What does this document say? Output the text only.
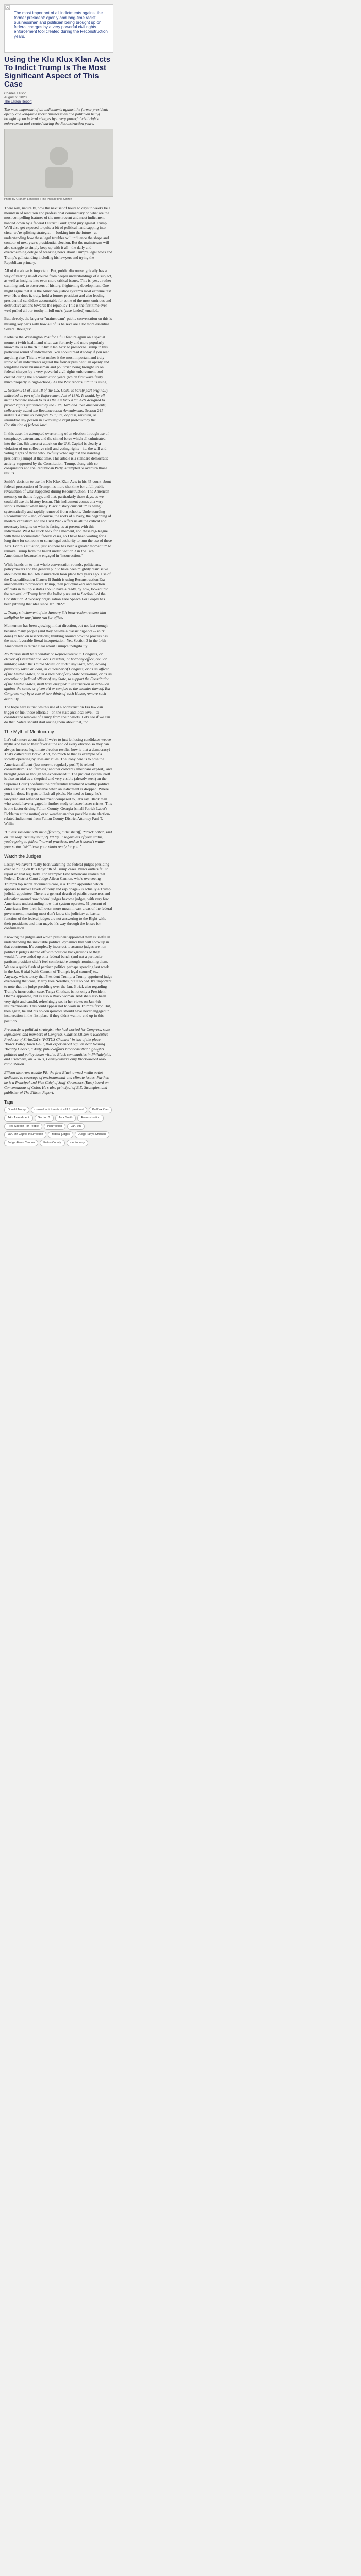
The most important of all indictments against the former president: openly and long-time racist businessman and politician being brought up on federal charges by a very powerful civil rights enforcement tool created during the Reconstruction years.
Using the Klu Klux Klan Acts To Indict Trump Is The Most Significant Aspect of This Case
Charles Ellison
August 2, 2023
The Ellison Report

The most important of all indictments against the former president: openly and long-time racist businessman and politician being brought up on federal charges by a very powerful civil rights enforcement tool created during the Reconstruction years.

Photo by Graham Landauer | The Philadelphia Citizen

There will, naturally, now the next set of hours to days to weeks be a mountain of rendition and professional commentary on what are the most compelling features of the most recent and most indictment handed down by a federal District Court grand jury against Trump. We'll also get exposed to quite a bit of political handicapping into circa. we're splitting strategist — looking into the future - at understanding how these legal troubles will influence the shape and contour of next year's presidential election. But the mainstream will also struggle to simply keep up with it all - the daily and overwhelming deluge of breaking news about Trump's legal woes and Trump's gall standing including his lawyers and trying the Republican primary.

All of the above is important. But, public discourse typically has a way of veering us off course from deeper understandings of a subject, as well as insights into even more critical issues. This is, yes, a rather stunning and, to observers of history, frightening development. One might argue that it is the American justice system's most extreme test ever. How does it, truly, hold a former president and also leading presidential candidate accountable for some of the most ominous and destructive actions towards the republic? This is the first time ever we'd pulled all our toothy in full one's (case landed) emailed.

But, already, the larger or "mainstream" public conversation on this is missing key parts with how all of us believe are a lot more essential. Several thoughts:

Korbe to the Washington Post for a full feature again on a special moment (with health and what was formerly and more popularly known to us as the 'Klu Klux Klan Acts' to prosecute Trump in this particular round of indictments. You should read it today if you read anything else. This is what makes it the most important and truly ironic of all indictments against the former president: an openly and long-time racist businessman and politician being brought up on federal charges by a very powerful civil rights enforcement tool created during the Reconstruction years (which first wave fairly much properly in high-school). As the Post reports, Smith is using...

... Section 241 of Title 18 of the U.S. Code, is barely part originally indicated as part of the Enforcement Act of 1870. It would, by all means become known to us as the Ku Klux Klan Acts designed to protect rights guaranteed by the 13th, 14th and 15th amendments, collectively called the Reconstruction Amendments. Section 241 makes it a crime to 'conspire to injure, oppress, threaten, or intimidate any person in exercising a right protected by the Constitution of federal law.'

In this case, the attempted overturning of an election through use of conspiracy, extremism, and the sinned force which all culminated into the Jan. 6th terrorist attack on the U.S. Capitol is clearly a violation of our collective civil and voting rights - i.e. the will and voting rights of those who lawfully voted against the standing president (Trump) at that time. This article is a standard democratic activity supported by the Constitution. Trump, along with co-conspirators and the Republican Party, attempted to overturn those results.

Smith's decision to use the Klu Klux Klan Acts in his 45-count-about federal prosecution of Trump, it's more that time for a full public revaluation of what happened during Reconstruction. The American memory on that is foggy, and that, particularly these days, as we could all use the history lesson. This indictment comes at a very serious moment when many Black history curriculum is being systematically and rapidly removed from schools. Understanding Reconstruction - and, of course, the roots of slavery, the beginning of modern capitalism and the Civil War - offers us all the critical and necessary insights on what is facing us at present with this indictment. We'd be stuck back for a moment, and these big-league with these accumulated federal cases, so I have been waiting for a long time for someone or some legal authority to turn the use of these Acts. For this situation, just so there has been a greater momentum to remove Trump from the ballot under Section 3 in the 14th Amendment because he engaged in "insurrection."

While hands on to that whole conversation rounds, politicians, policymakers and the general public have been mightily dismissive about even the Jan. 6th insurrection took place two years ago. Use of the Disqualification Clause: If Smith is using Reconstruction Era amendments to prosecute Trump, then policymakers and election officials in multiple states should have already, by now, looked into the removal of Trump from the ballot pursuant to Section 3 of the Constitution. Advocacy organization Free Speech For People has been pitching that idea since Jan. 2022:

... Trump's incitement of the January 6th insurrection renders him ineligible for any future run for office.

Momentum has been growing in that direction, but not fast enough because many people (and they believe a classic big-shot -- shirk done) to lead on reservations) thinking around how the process has the most favorable literal interpretation. Yet, Section 3 in the 14th Amendment is rather clear about Trump's ineligibility:

No Person shall be a Senator or Representative in Congress, or elector of President and Vice President, or hold any office, civil or military, under the United States, or under any State, who, having previously taken an oath, as a member of Congress, or as an officer of the United States, or as a member of any State legislature, or as an executive or judicial officer of any State, to support the Constitution of the United States, shall have engaged in insurrection or rebellion against the same, or given aid or comfort to the enemies thereof. But Congress may by a vote of two-thirds of each House, remove such disability.

The hope here is that Smith's use of Reconstruction Era law can trigger or fuel those officials - on the state and local level - to consider the removal of Trump from their ballots. Let's see if we can do that. Voters should start asking them about that, too.

The Myth of Meritocracy

Let's talk more about this: If we're to just let losing candidates weave myths and lies to their favor at the end of every election so they can always increase legitimate election results, how is that a democracy? That's called pure bravo. And, too much to that as example of a society operating by laws and rules. The irony here is to note the American affluent (less more to regularly push?) it related conservatism is so 'fairness,' another concept (americans exploit), and brought goals as though we experienced it. The judicial system itself is also on trial as a skeptical and very visible (already seen) on the Supreme Court) confirms the preferential treatment wealthy political elites such as Trump receive when an indictment is dropped. Where you jail does. He gets to flash all pixels. No need to fancy; he's lawyered and softened treatment compared to, let's say, Black man who would have engaged in further study or lesser lesser crimes. This is one factor driving Fulton County, Georgia (small Patrick Labat's Fickleton at the matter) or to weather another possible state election-related indictment from Fulton County District Attorney Fani T. Willis:

"Unless someone tells me differently, " the sheriff, Patrick Labat, said on Tuesday. "It's my spun[?] I'll try..." regardless of your status, you're going to follow "normal practices, and so it doesn't matter your status. We'll have your photo ready for you."

Watch the Judges

Lastly: we haven't really been watching the federal judges presiding over or ruling on this labyrinth of Trump cases. News outlets fail to report on that regularly. For example: Few Americans realize that Federal District Court Judge Aileen Cannon, who's overseeing Trump's top secret documents case, is a Trump appointee which appears to invoke levels of irony and espionage - is actually a Trump judicial appointee. There is a general dearth of public awareness and education around how federal judges become judges, with very few Americans understanding how that system operates. 51 percent of Americans flew their hell over, more mean in vast areas of the federal government, meaning most don't know the judiciary at least a function of the federal judges are not answering to the Right with, their presidents and then maybe it's way through the lenses for confirmation.

Knowing the judges and which president appointed them is useful in understanding the inevitable political dynamics that will show up in that courtroom. It's completely incorrect to assume judges are non-political: judges started off with political backgrounds or they wouldn't have ended up on a federal bench (and not a particular partisan president didn't feel comfortable enough nominating them. We see a quick flash of partisan politics perhaps spending last week in the Jan. 6 trial (with Cannon of Trump's legal counsel) to... Anyway, who's to say that President Trump, a Trump-appointed judge overseeing that case, Mercy Dee Norelles, put it to bed. It's important to note that the judge presiding over the Jan. 6 trial, also regarding Trump's insurrection case, Tanya Chutkan, is not only a President Obama appointee, but is also a Black woman. And she's also been very tight and candid, refreshingly so, in her views on Jan. 6th insurrectionists. This could appear not to work in Trump's favor. But, then again, he and his co-conspirators should have never engaged in insurrection in the first place if they didn't want to end up in this position.

Previously, a political strategist who had worked for Congress, state legislators, and members of Congress, Charles Ellison is Executive Producer of SiriusXM's "POTUS Channel" in two of the place, "Black Policy Town Hall", that experienced regular beat Hosting "Reality Check", a daily, public-affairs broadcast that highlights political and policy issues vital to Black communities in Philadelphia and elsewhere, on WURD, Pennsylvania's only Black-owned talk-radio station.

Ellison also runs middle PR, the first Black-owned media outlet dedicated to coverage of environmental and climate issues. Further, he is a Principal and Vice Chief of Staff-Governors (East) board on Conversations of Color. He's also principal of B.E. Strategies, and publisher of The Ellison Report.

Tags
Donald Trump	criminal indictments of a U.S. president	Ku Klux Klan
14th Amendment	Section 3	Jack Smith	Reconstruction
Free Speech For People	insurrection	Jan. 6th
Jan. 6th Capitol Insurrection	federal judges	Judge Tanya Chutkan
Judge Aileen Cannon	Fulton County	meritocracy
